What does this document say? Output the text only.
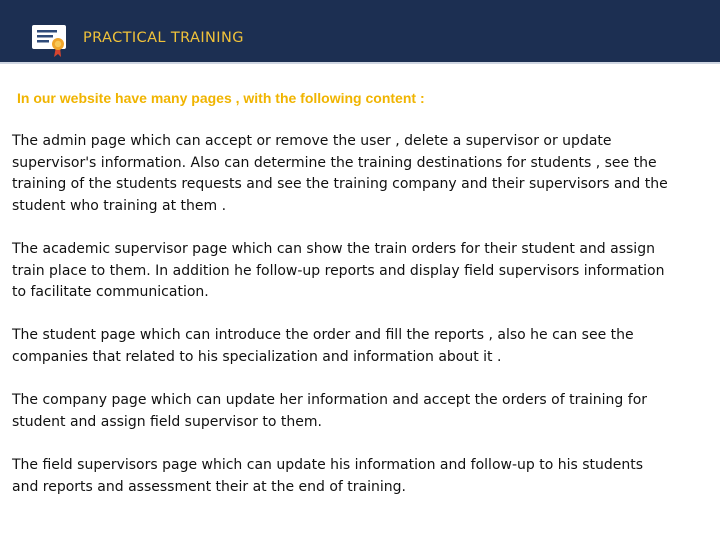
PRACTICAL TRAINING
In our website have many pages , with the following content :

The admin page which can accept or remove the user , delete a supervisor or update
supervisor's information. Also can determine the training destinations for students , see the
training of the students requests and see the training company and their supervisors and the
student who training at them .

The academic supervisor page which can show the train orders for their student and assign
train place to them. In addition he follow-up reports and display field supervisors information
to facilitate communication.

The student page which can introduce the order and fill the reports , also he can see the
companies that related to his specialization and information about it .

The company page which can update her information and accept the orders of training for
student and assign field supervisor to them.

The field supervisors page which can update his information and follow-up to his students
and reports and assessment their at the end of training.
